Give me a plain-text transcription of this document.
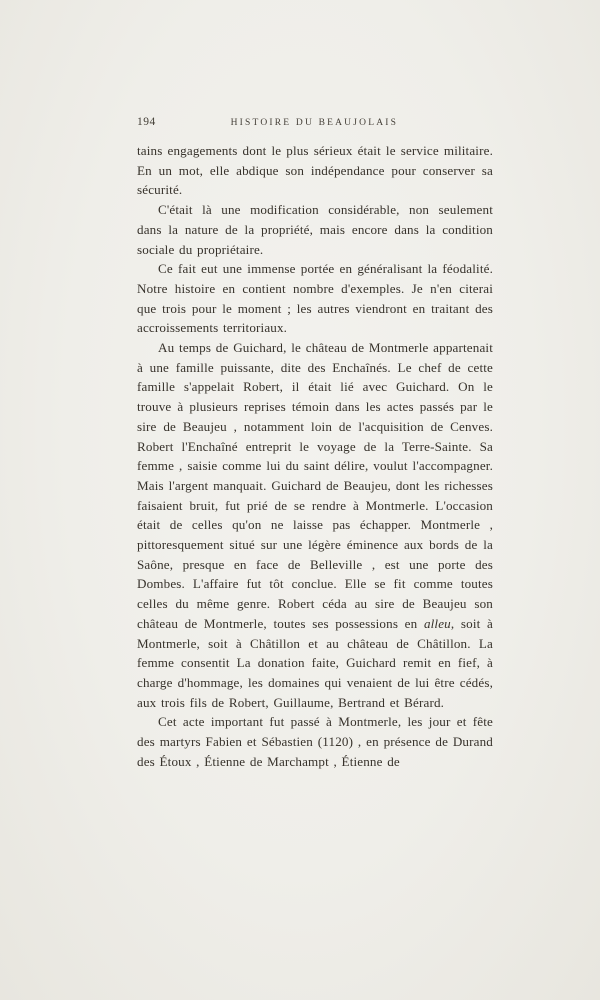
194	HISTOIRE DU BEAUJOLAIS

tains engagements dont le plus sérieux était le service militaire. En un mot, elle abdique son indépendance pour conserver sa sécurité.

C'était là une modification considérable, non seulement dans la nature de la propriété, mais encore dans la condition sociale du propriétaire.

Ce fait eut une immense portée en généralisant la féodalité. Notre histoire en contient nombre d'exemples. Je n'en citerai que trois pour le moment ; les autres viendront en traitant des accroissements territoriaux.

Au temps de Guichard, le château de Montmerle appartenait à une famille puissante, dite des Enchaînés. Le chef de cette famille s'appelait Robert, il était lié avec Guichard. On le trouve à plusieurs reprises témoin dans les actes passés par le sire de Beaujeu , notamment loin de l'acquisition de Cenves. Robert l'Enchaîné entreprit le voyage de la Terre-Sainte. Sa femme , saisie comme lui du saint délire, voulut l'accompagner. Mais l'argent manquait. Guichard de Beaujeu, dont les richesses faisaient bruit, fut prié de se rendre à Montmerle. L'occasion était de celles qu'on ne laisse pas échapper. Montmerle , pittoresquement situé sur une légère éminence aux bords de la Saône, presque en face de Belleville , est une porte des Dombes. L'affaire fut tôt conclue. Elle se fit comme toutes celles du même genre. Robert céda au sire de Beaujeu son château de Montmerle, toutes ses possessions en alleu, soit à Montmerle, soit à Châtillon et au château de Châtillon. La femme consentit La donation faite, Guichard remit en fief, à charge d'hommage, les domaines qui venaient de lui être cédés, aux trois fils de Robert, Guillaume, Bertrand et Bérard.

Cet acte important fut passé à Montmerle, les jour et fête des martyrs Fabien et Sébastien (1120) , en présence de Durand des Étoux , Étienne de Marchampt , Étienne de
